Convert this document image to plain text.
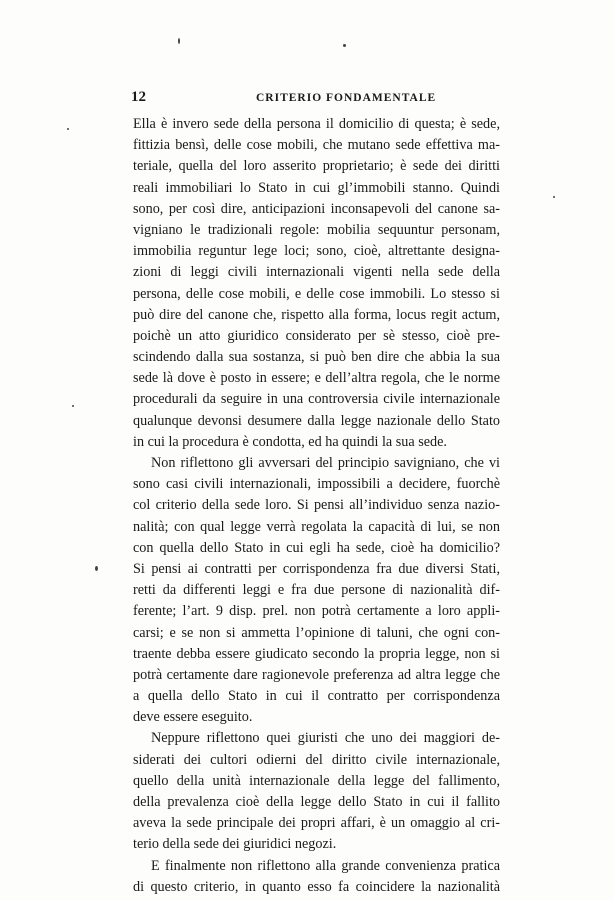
12	CRITERIO FONDAMENTALE
Ella è invero sede della persona il domicilio di questa; è sede,
fittizia bensì, delle cose mobili, che mutano sede effettiva ma-
teriale, quella del loro asserito proprietario; è sede dei diritti
reali immobiliari lo Stato in cui gl’immobili stanno. Quindi
sono, per così dire, anticipazioni inconsapevoli del canone sa-
vigniano le tradizionali regole: mobilia sequuntur personam,
immobilia reguntur lege loci; sono, cioè, altrettante designa-
zioni di leggi civili internazionali vigenti nella sede della
persona, delle cose mobili, e delle cose immobili. Lo stesso si
può dire del canone che, rispetto alla forma, locus regit actum,
poichè un atto giuridico considerato per sè stesso, cioè pre-
scindendo dalla sua sostanza, si può ben dire che abbia la sua
sede là dove è posto in essere; e dell’altra regola, che le norme
procedurali da seguire in una controversia civile internazionale
qualunque devonsi desumere dalla legge nazionale dello Stato
in cui la procedura è condotta, ed ha quindi la sua sede.
Non riflettono gli avversari del principio savigniano, che vi
sono casi civili internazionali, impossibili a decidere, fuorchè
col criterio della sede loro. Si pensi all’individuo senza nazio-
nalità; con qual legge verrà regolata la capacità di lui, se non
con quella dello Stato in cui egli ha sede, cioè ha domicilio?
Si pensi ai contratti per corrispondenza fra due diversi Stati,
retti da differenti leggi e fra due persone di nazionalità dif-
ferente; l’art. 9 disp. prel. non potrà certamente a loro appli-
carsi; e se non si ammetta l’opinione di taluni, che ogni con-
traente debba essere giudicato secondo la propria legge, non si
potrà certamente dare ragionevole preferenza ad altra legge che
a quella dello Stato in cui il contratto per corrispondenza
deve essere eseguito.
Neppure riflettono quei giuristi che uno dei maggiori de-
siderati dei cultori odierni del diritto civile internazionale,
quello della unità internazionale della legge del fallimento,
della prevalenza cioè della legge dello Stato in cui il fallito
aveva la sede principale dei propri affari, è un omaggio al cri-
terio della sede dei giuridici negozi.
E finalmente non riflettono alla grande convenienza pratica
di questo criterio, in quanto esso fa coincidere la nazionalità
